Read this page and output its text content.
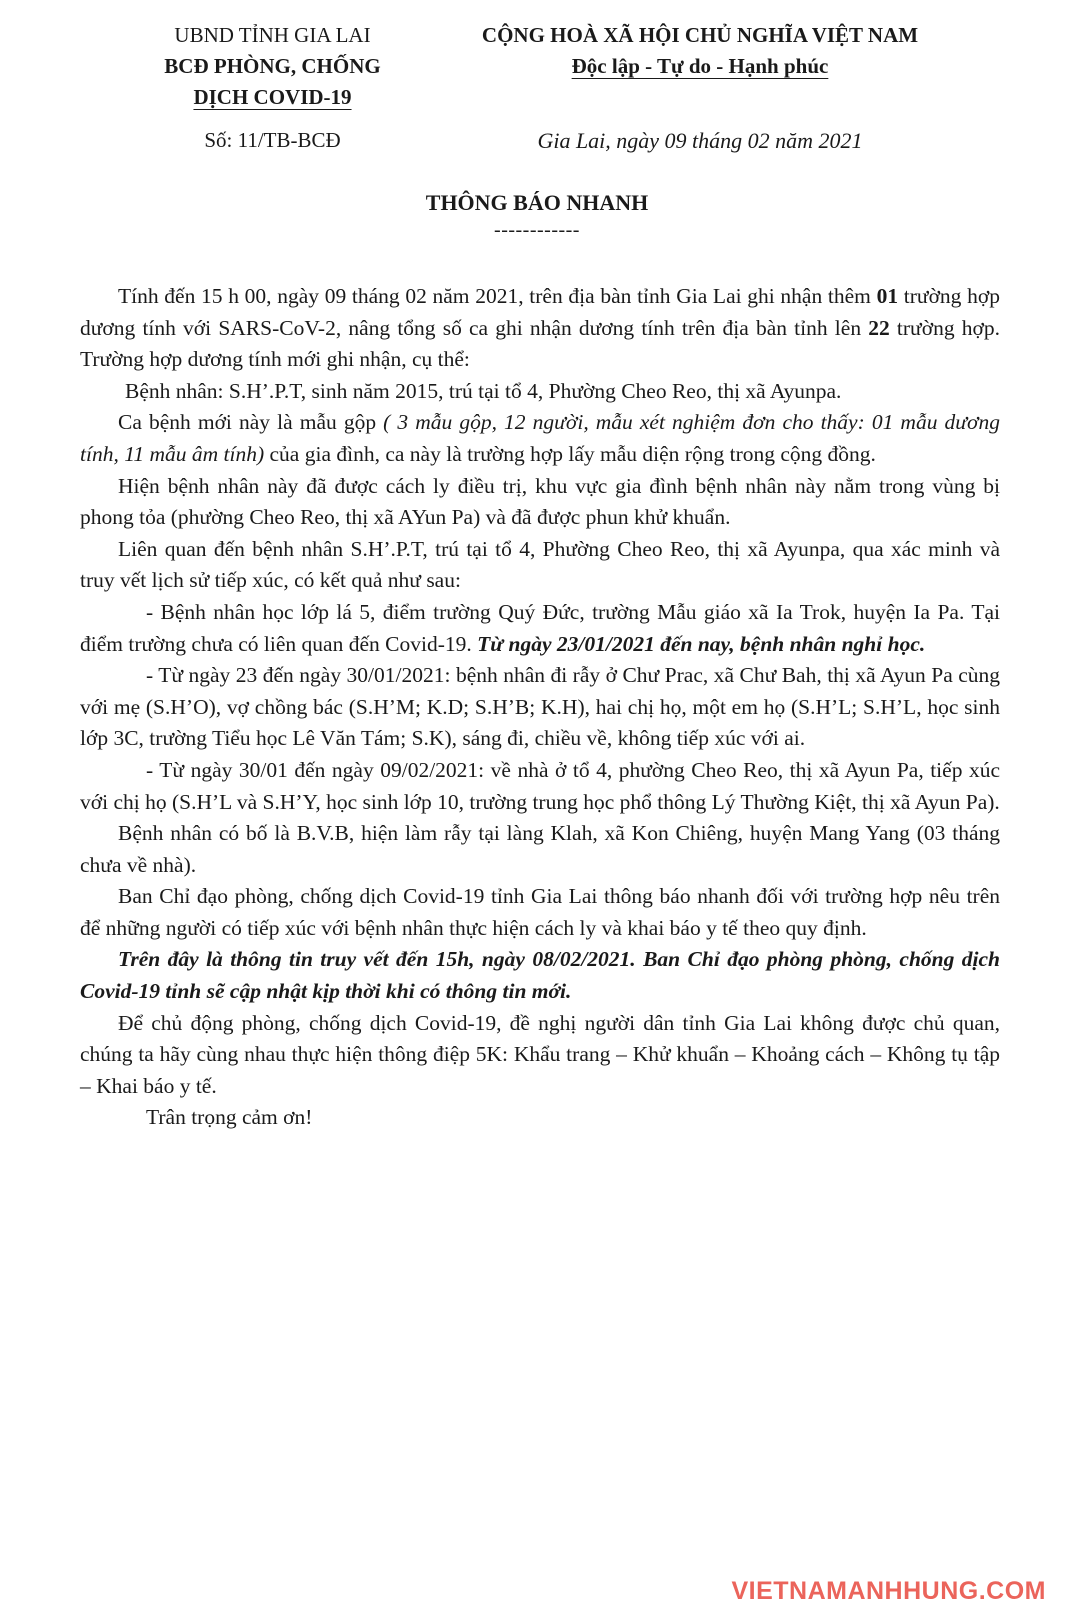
UBND TỈNH GIA LAI
BCĐ PHÒNG, CHỐNG
DỊCH COVID-19
CỘNG HOÀ XÃ HỘI CHỦ NGHĨA VIỆT NAM
Độc lập - Tự do - Hạnh phúc
Số: 11/TB-BCĐ	Gia Lai, ngày 09 tháng 02 năm 2021
THÔNG BÁO NHANH
------------

Tính đến 15 h 00, ngày 09 tháng 02 năm 2021, trên địa bàn tỉnh Gia Lai ghi nhận thêm 01 trường hợp dương tính với SARS-CoV-2, nâng tổng số ca ghi nhận dương tính trên địa bàn tỉnh lên 22 trường hợp. Trường hợp dương tính mới ghi nhận, cụ thể:

Bệnh nhân: S.H’.P.T, sinh năm 2015, trú tại tổ 4, Phường Cheo Reo, thị xã Ayunpa.

Ca bệnh mới này là mẫu gộp ( 3 mẫu gộp, 12 người, mẫu xét nghiệm đơn cho thấy: 01 mẫu dương tính, 11 mẫu âm tính) của gia đình, ca này là trường hợp lấy mẫu diện rộng trong cộng đồng.

Hiện bệnh nhân này đã được cách ly điều trị, khu vực gia đình bệnh nhân này nằm trong vùng bị phong tỏa (phường Cheo Reo, thị xã AYun Pa) và đã được phun khử khuẩn.

Liên quan đến bệnh nhân S.H’.P.T, trú tại tổ 4, Phường Cheo Reo, thị xã Ayunpa, qua xác minh và truy vết lịch sử tiếp xúc, có kết quả như sau:

- Bệnh nhân học lớp lá 5, điểm trường Quý Đức, trường Mẫu giáo xã Ia Trok, huyện Ia Pa. Tại điểm trường chưa có liên quan đến Covid-19. Từ ngày 23/01/2021 đến nay, bệnh nhân nghỉ học.

- Từ ngày 23 đến ngày 30/01/2021: bệnh nhân đi rẫy ở Chư Prac, xã Chư Bah, thị xã Ayun Pa cùng với mẹ (S.H’O), vợ chồng bác (S.H’M; K.D; S.H’B; K.H), hai chị họ, một em họ (S.H’L; S.H’L, học sinh lớp 3C, trường Tiểu học Lê Văn Tám; S.K), sáng đi, chiều về, không tiếp xúc với ai.

- Từ ngày 30/01 đến ngày 09/02/2021: về nhà ở tổ 4, phường Cheo Reo, thị xã Ayun Pa, tiếp xúc với chị họ (S.H’L và S.H’Y, học sinh lớp 10, trường trung học phổ thông Lý Thường Kiệt, thị xã Ayun Pa).

Bệnh nhân có bố là B.V.B, hiện làm rẫy tại làng Klah, xã Kon Chiêng, huyện Mang Yang (03 tháng chưa về nhà).

Ban Chỉ đạo phòng, chống dịch Covid-19 tỉnh Gia Lai thông báo nhanh đối với trường hợp nêu trên để những người có tiếp xúc với bệnh nhân thực hiện cách ly và khai báo y tế theo quy định.

Trên đây là thông tin truy vết đến 15h, ngày 08/02/2021. Ban Chỉ đạo phòng phòng, chống dịch Covid-19 tỉnh sẽ cập nhật kịp thời khi có thông tin mới.

Để chủ động phòng, chống dịch Covid-19, đề nghị người dân tỉnh Gia Lai không được chủ quan, chúng ta hãy cùng nhau thực hiện thông điệp 5K: Khẩu trang – Khử khuẩn – Khoảng cách – Không tụ tập – Khai báo y tế.

Trân trọng cảm ơn!

VIETNAMANHHUNG.COM
